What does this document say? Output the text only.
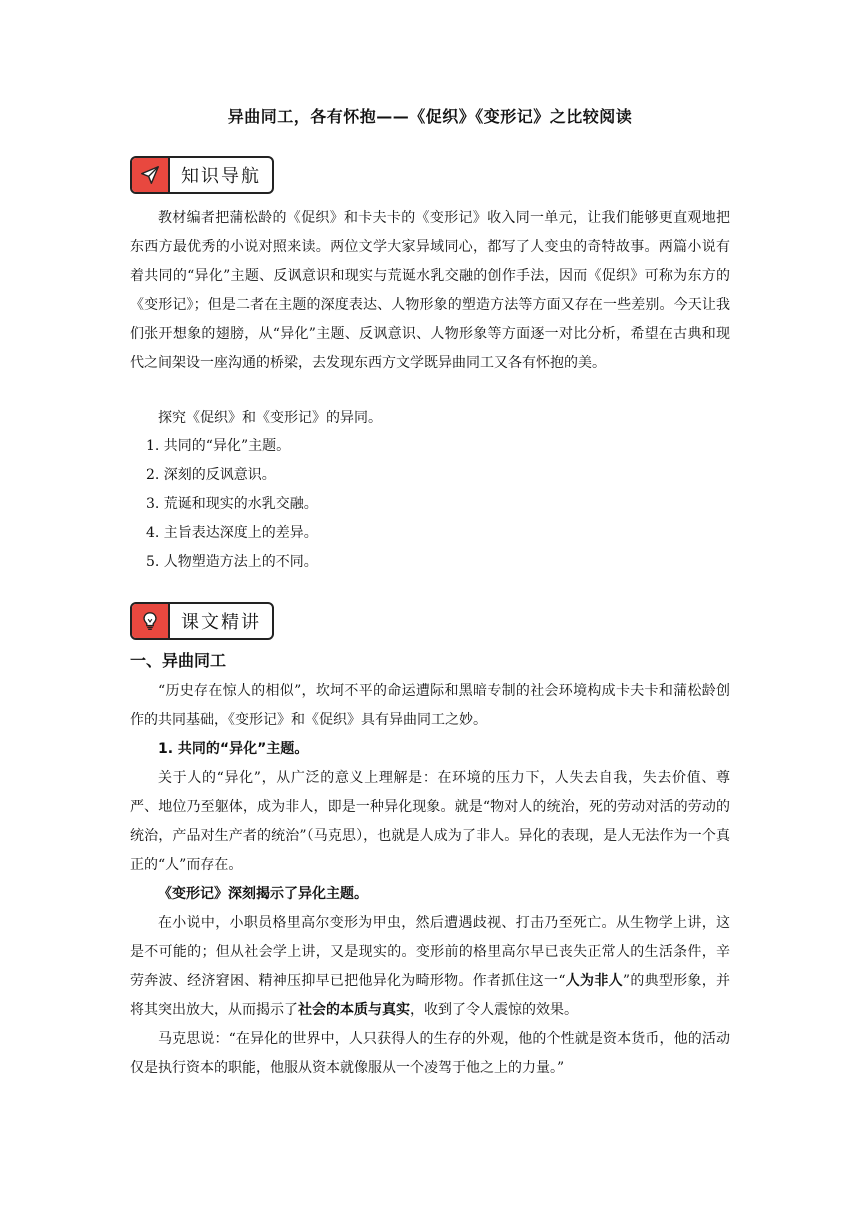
异曲同工，各有怀抱——《促织》《变形记》之比较阅读
知识导航

教材编者把蒲松龄的《促织》和卡夫卡的《变形记》收入同一单元，让我们能够更直观地把东西方最优秀的小说对照来读。两位文学大家异域同心，都写了人变虫的奇特故事。两篇小说有着共同的“异化”主题、反讽意识和现实与荒诞水乳交融的创作手法，因而《促织》可称为东方的《变形记》；但是二者在主题的深度表达、人物形象的塑造方法等方面又存在一些差别。今天让我们张开想象的翅膀，从“异化”主题、反讽意识、人物形象等方面逐一对比分析，希望在古典和现代之间架设一座沟通的桥梁，去发现东西方文学既异曲同工又各有怀抱的美。

探究《促织》和《变形记》的异同。

1. 共同的“异化”主题。
2. 深刻的反讽意识。
3. 荒诞和现实的水乳交融。
4. 主旨表达深度上的差异。
5. 人物塑造方法上的不同。
课文精讲
一、异曲同工

“历史存在惊人的相似”，坎坷不平的命运遭际和黑暗专制的社会环境构成卡夫卡和蒲松龄创作的共同基础，《变形记》和《促织》具有异曲同工之妙。

1. 共同的“异化”主题。

关于人的“异化”，从广泛的意义上理解是：在环境的压力下，人失去自我，失去价值、尊严、地位乃至躯体，成为非人，即是一种异化现象。就是“物对人的统治，死的劳动对活的劳动的统治，产品对生产者的统治”（马克思），也就是人成为了非人。异化的表现，是人无法作为一个真正的“人”而存在。

《变形记》深刻揭示了异化主题。

在小说中，小职员格里高尔变形为甲虫，然后遭遇歧视、打击乃至死亡。从生物学上讲，这是不可能的；但从社会学上讲，又是现实的。变形前的格里高尔早已丧失正常人的生活条件，辛劳奔波、经济窘困、精神压抑早已把他异化为畸形物。作者抓住这一“人为非人”的典型形象，并将其突出放大，从而揭示了社会的本质与真实，收到了令人震惊的效果。

马克思说：“在异化的世界中，人只获得人的生存的外观，他的个性就是资本货币，他的活动仅是执行资本的职能，他服从资本就像服从一个凌驾于他之上的力量。”
